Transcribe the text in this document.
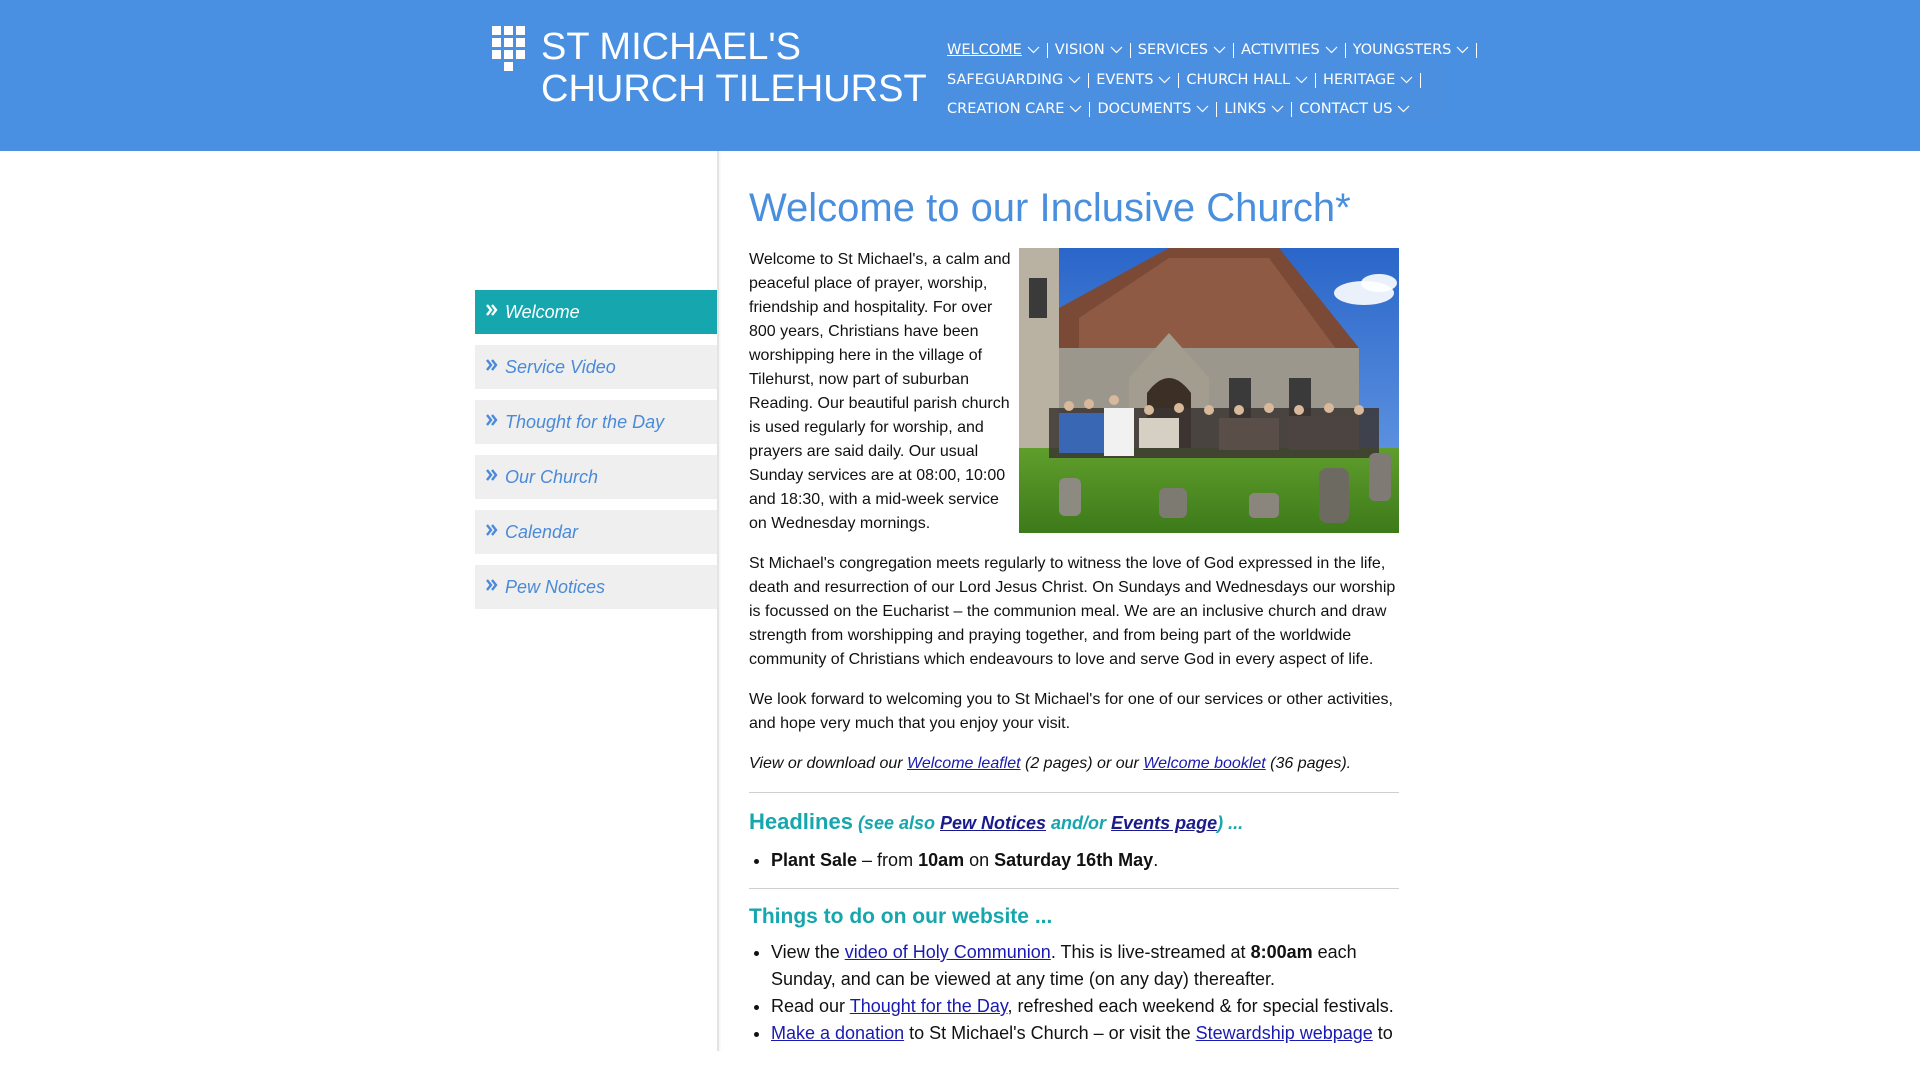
ST MICHAEL'S
CHURCH TILEHURST
WELCOME VISION SERVICES ACTIVITIES YOUNGSTERS
SAFEGUARDING EVENTS CHURCH HALL HERITAGE
CREATION CARE DOCUMENTS LINKS CONTACT US
Welcome
Service Video
Thought for the Day
Our Church
Calendar
Pew Notices
Welcome to our Inclusive Church*

Welcome to St Michael's, a calm and peaceful place of prayer, worship, friendship and hospitality. For over 800 years, Christians have been worshipping here in the village of Tilehurst, now part of suburban Reading. Our beautiful parish church is used regularly for worship, and prayers are said daily. Our usual Sunday services are at 08:00, 10:00 and 18:30, with a mid-week service on Wednesday mornings.

St Michael's congregation meets regularly to witness the love of God expressed in the life, death and resurrection of our Lord Jesus Christ. On Sundays and Wednesdays our worship is focussed on the Eucharist – the communion meal. We are an inclusive church and draw strength from worshipping and praying together, and from being part of the worldwide community of Christians which endeavours to love and serve God in every aspect of life.

We look forward to welcoming you to St Michael's for one of our services or other activities, and hope very much that you enjoy your visit.

View or download our Welcome leaflet (2 pages) or our Welcome booklet (36 pages).

Headlines (see also Pew Notices and/or Events page) ...
• Plant Sale – from 10am on Saturday 16th May.
Things to do on our website ...
• View the video of Holy Communion. This is live-streamed at 8:00am each Sunday, and can be viewed at any time (on any day) thereafter.
• Read our Thought for the Day, refreshed each weekend & for special festivals.
• Make a donation to St Michael's Church – or visit the Stewardship webpage to
